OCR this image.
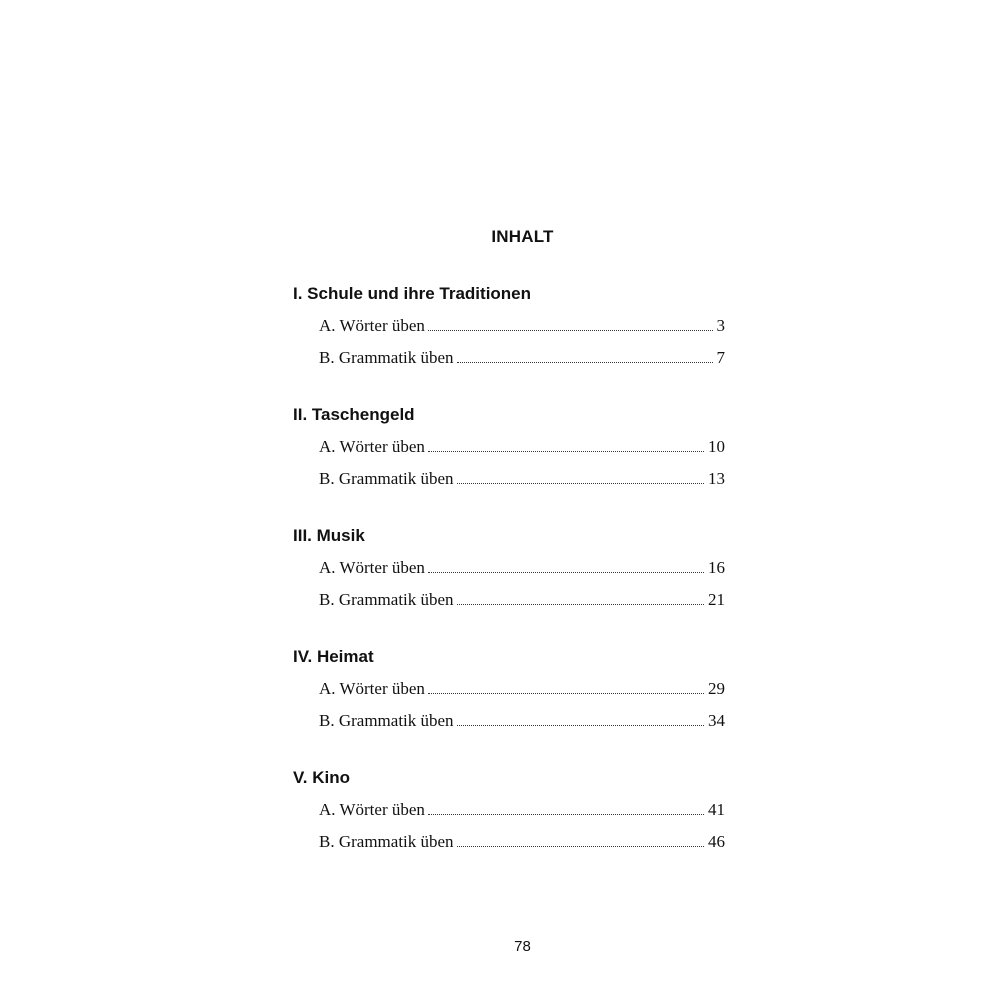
INHALT
I. Schule und ihre Traditionen
A. Wörter üben	3
B. Grammatik üben	7
II. Taschengeld
A. Wörter üben	10
B. Grammatik üben	13
III. Musik
A. Wörter üben	16
B. Grammatik üben	21
IV. Heimat
A. Wörter üben	29
B. Grammatik üben	34
V. Kino
A. Wörter üben	41
B. Grammatik üben	46
78
